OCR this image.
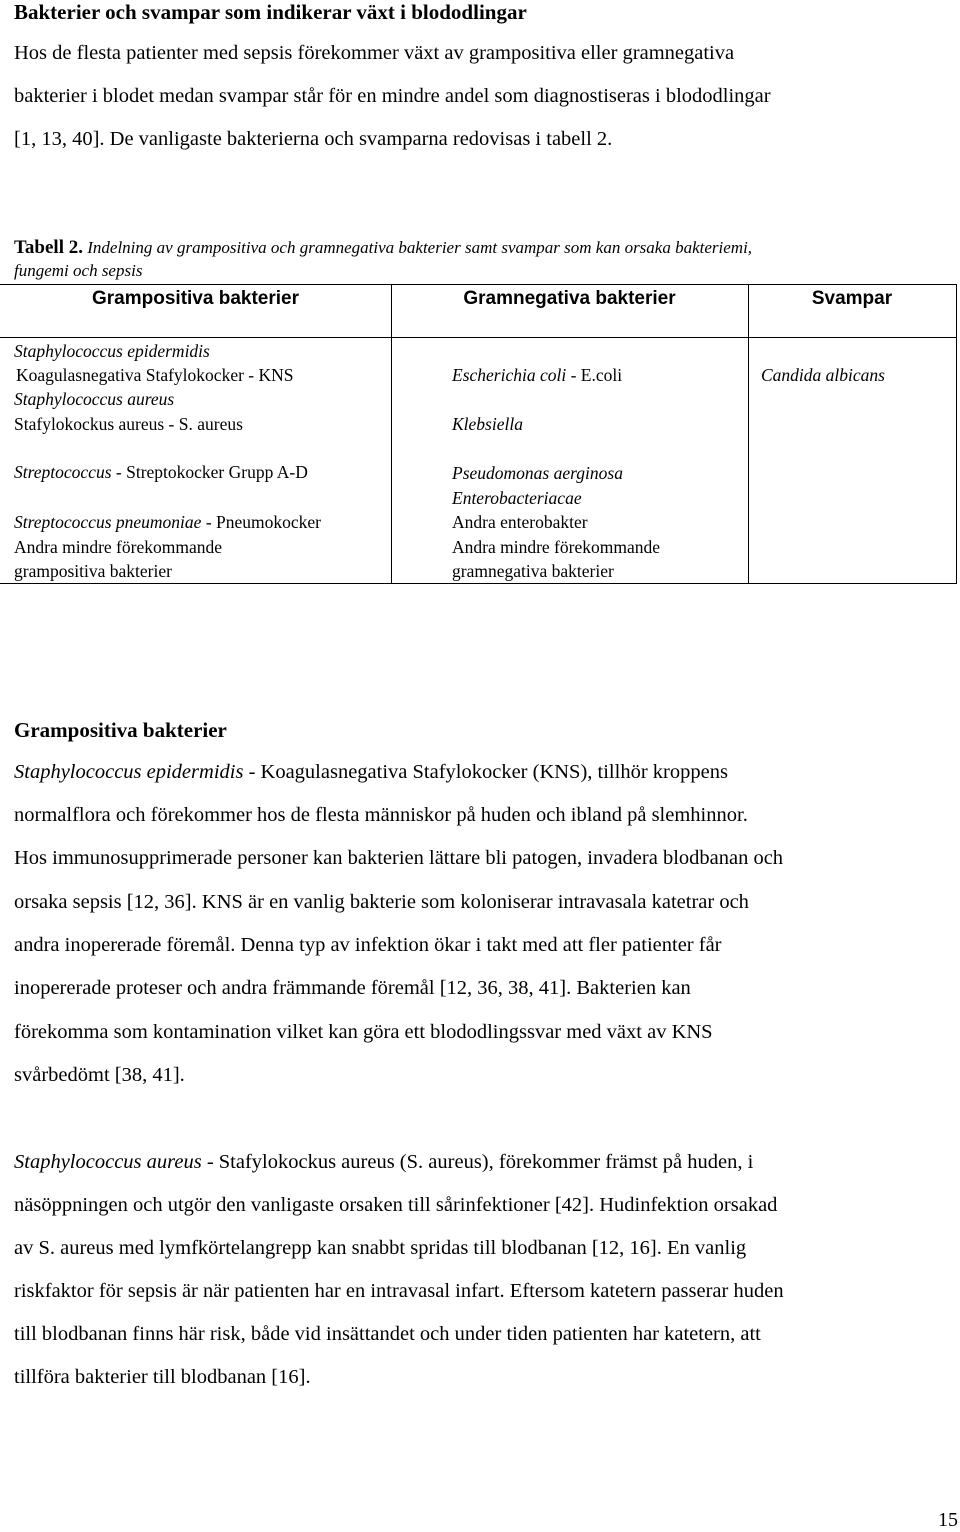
Bakterier och svampar som indikerar växt i blododlingar
Hos de flesta patienter med sepsis förekommer växt av grampositiva eller gramnegativa
bakterier i blodet medan svampar står för en mindre andel som diagnostiseras i blododlingar
[1, 13, 40]. De vanligaste bakterierna och svamparna redovisas i tabell 2.
Tabell 2. Indelning av grampositiva och gramnegativa bakterier samt svampar som kan orsaka bakteriemi,
fungemi och sepsis
Grampositiva bakterier	Gramnegativa bakterier	Svampar
Staphylococcus epidermidis
Koagulasnegativa Stafylokocker - KNS
Staphylococcus aureus
Stafylokockus aureus - S. aureus
Streptococcus - Streptokocker Grupp A-D
Streptococcus pneumoniae - Pneumokocker
Andra mindre förekommande
grampositiva bakterier
Escherichia coli - E.coli
Klebsiella
Pseudomonas aerginosa
Enterobacteriacae
Andra enterobakter
Andra mindre förekommande
gramnegativa bakterier
Candida albicans
Grampositiva bakterier
Staphylococcus epidermidis - Koagulasnegativa Stafylokocker (KNS), tillhör kroppens
normalflora och förekommer hos de flesta människor på huden och ibland på slemhinnor.
Hos immunosupprimerade personer kan bakterien lättare bli patogen, invadera blodbanan och
orsaka sepsis [12, 36]. KNS är en vanlig bakterie som koloniserar intravasala katetrar och
andra inopererade föremål. Denna typ av infektion ökar i takt med att fler patienter får
inopererade proteser och andra främmande föremål [12, 36, 38, 41]. Bakterien kan
förekomma som kontamination vilket kan göra ett blododlingssvar med växt av KNS
svårbedömt [38, 41].
Staphylococcus aureus - Stafylokockus aureus (S. aureus), förekommer främst på huden, i
näsöppningen och utgör den vanligaste orsaken till sårinfektioner [42]. Hudinfektion orsakad
av S. aureus med lymfkörtelangrepp kan snabbt spridas till blodbanan [12, 16]. En vanlig
riskfaktor för sepsis är när patienten har en intravasal infart. Eftersom katetern passerar huden
till blodbanan finns här risk, både vid insättandet och under tiden patienten har katetern, att
tillföra bakterier till blodbanan [16].
15
